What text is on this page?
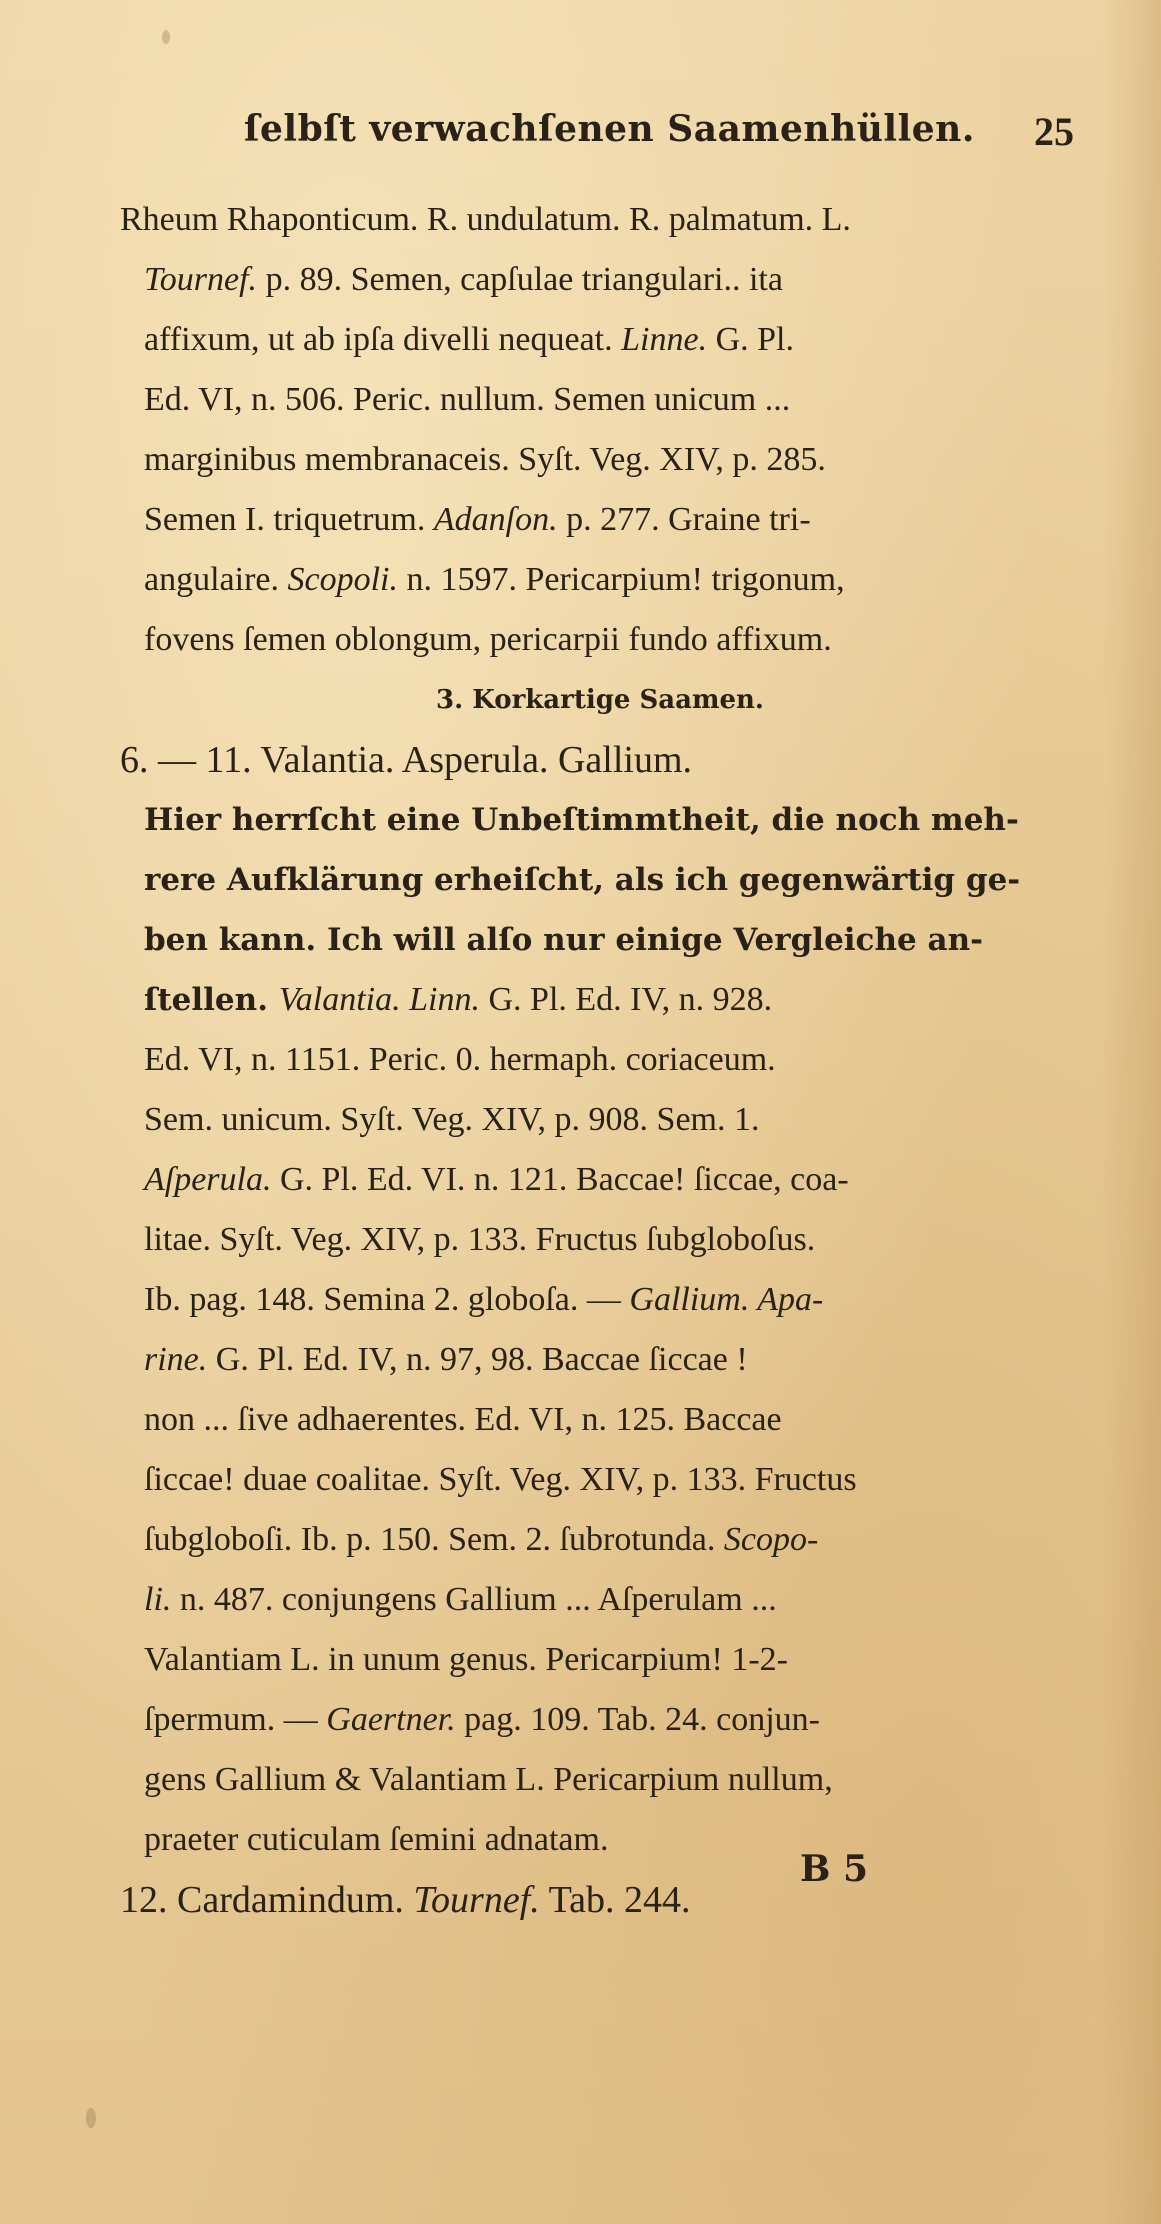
ſelbſt verwachſenen Saamenhüllen. 25
Rheum Rhaponticum. R. undulatum. R. palmatum. L.
Tournef. p. 89. Semen, capſulae triangulari.. ita
affixum, ut ab ipſa divelli nequeat. Linne. G. Pl.
Ed. VI, n. 506. Peric. nullum. Semen unicum ...
marginibus membranaceis. Syſt. Veg. XIV, p. 285.
Semen I. triquetrum. Adanſon. p. 277. Graine tri-
angulaire. Scopoli. n. 1597. Pericarpium! trigonum,
fovens ſemen oblongum, pericarpii fundo affixum.
3. Korkartige Saamen.
6. — 11. Valantia. Asperula. Gallium.
Hier herrſcht eine Unbeſtimmtheit, die noch meh-
rere Aufklärung erheiſcht, als ich gegenwärtig ge-
ben kann. Ich will alſo nur einige Vergleiche an-
ſtellen. Valantia. Linn. G. Pl. Ed. IV, n. 928.
Ed. VI, n. 1151. Peric. 0. hermaph. coriaceum.
Sem. unicum. Syſt. Veg. XIV, p. 908. Sem. 1.
Aſperula. G. Pl. Ed. VI. n. 121. Baccae! ſiccae, coa-
litae. Syſt. Veg. XIV, p. 133. Fructus ſubgloboſus.
Ib. pag. 148. Semina 2. globoſa. — Gallium. Apa-
rine. G. Pl. Ed. IV, n. 97, 98. Baccae ſiccae !
non ... ſive adhaerentes. Ed. VI, n. 125. Baccae
ſiccae! duae coalitae. Syſt. Veg. XIV, p. 133. Fructus
ſubgloboſi. Ib. p. 150. Sem. 2. ſubrotunda. Scopo-
li. n. 487. conjungens Gallium ... Aſperulam ...
Valantiam L. in unum genus. Pericarpium! 1-2-
ſpermum. — Gaertner. pag. 109. Tab. 24. conjun-
gens Gallium & Valantiam L. Pericarpium nullum,
praeter cuticulam ſemini adnatam.
12. Cardamindum. Tournef. Tab. 244.
B 5
